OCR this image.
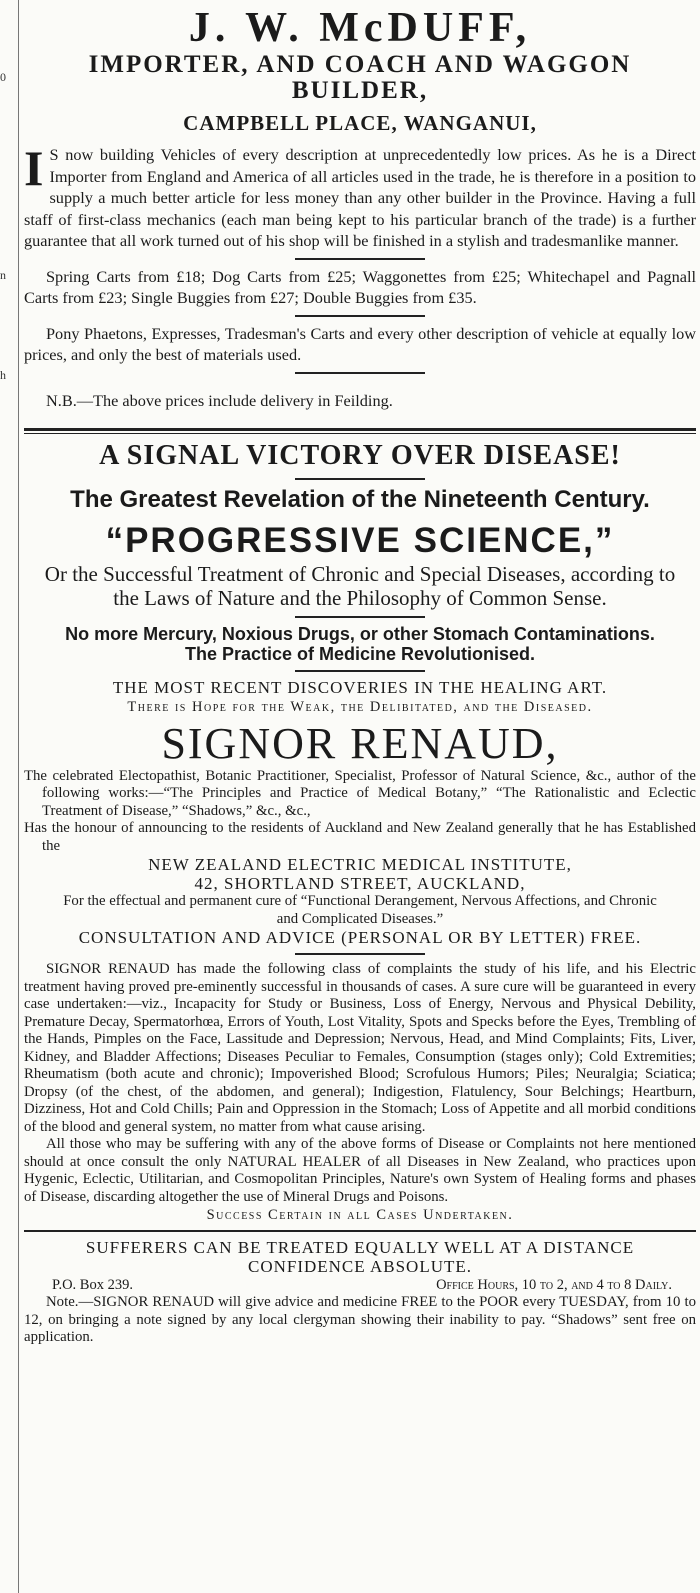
0
n
h

J. W. McDUFF,

IMPORTER, AND COACH AND WAGGON BUILDER,

CAMPBELL PLACE, WANGANUI,

I S now building Vehicles of every description at unprecedentedly low prices. As he is a Direct Importer from England and America of all articles used in the trade, he is therefore in a position to supply a much better article for less money than any other builder in the Province. Having a full staff of first-class mechanics (each man being kept to his particular branch of the trade) is a further guarantee that all work turned out of his shop will be finished in a stylish and tradesmanlike manner.

Spring Carts from £18; Dog Carts from £25; Waggonettes from £25; Whitechapel and Pagnall Carts from £23; Single Buggies from £27; Double Buggies from £35.

Pony Phaetons, Expresses, Tradesman's Carts and every other description of vehicle at equally low prices, and only the best of materials used.

N.B.—The above prices include delivery in Feilding.

A SIGNAL VICTORY OVER DISEASE!

The Greatest Revelation of the Nineteenth Century.

“PROGRESSIVE SCIENCE,”

Or the Successful Treatment of Chronic and Special Diseases, according to the Laws of Nature and the Philosophy of Common Sense.

No more Mercury, Noxious Drugs, or other Stomach Contaminations.

The Practice of Medicine Revolutionised.

THE MOST RECENT DISCOVERIES IN THE HEALING ART.

There is Hope for the Weak, the Delibitated, and the Diseased.

SIGNOR RENAUD,

The celebrated Electopathist, Botanic Practitioner, Specialist, Professor of Natural Science, &c., author of the following works:—“The Principles and Practice of Medical Botany,” “The Rationalistic and Eclectic Treatment of Disease,” “Shadows,” &c., &c.,

Has the honour of announcing to the residents of Auckland and New Zealand generally that he has Established the

NEW ZEALAND ELECTRIC MEDICAL INSTITUTE,

42, SHORTLAND STREET, AUCKLAND,

For the effectual and permanent cure of “Functional Derangement, Nervous Affections, and Chronic and Complicated Diseases.”

CONSULTATION AND ADVICE (PERSONAL OR BY LETTER) FREE.

SIGNOR RENAUD has made the following class of complaints the study of his life, and his Electric treatment having proved pre-eminently successful in thousands of cases. A sure cure will be guaranteed in every case undertaken:—viz., Incapacity for Study or Business, Loss of Energy, Nervous and Physical Debility, Premature Decay, Spermatorhœa, Errors of Youth, Lost Vitality, Spots and Specks before the Eyes, Trembling of the Hands, Pimples on the Face, Lassitude and Depression; Nervous, Head, and Mind Complaints; Fits, Liver, Kidney, and Bladder Affections; Diseases Peculiar to Females, Consumption (stages only); Cold Extremities; Rheumatism (both acute and chronic); Impoverished Blood; Scrofulous Humors; Piles; Neuralgia; Sciatica; Dropsy (of the chest, of the abdomen, and general); Indigestion, Flatulency, Sour Belchings; Heartburn, Dizziness, Hot and Cold Chills; Pain and Oppression in the Stomach; Loss of Appetite and all morbid conditions of the blood and general system, no matter from what cause arising.

All those who may be suffering with any of the above forms of Disease or Complaints not here mentioned should at once consult the only NATURAL HEALER of all Diseases in New Zealand, who practices upon Hygenic, Eclectic, Utilitarian, and Cosmopolitan Principles, Nature's own System of Healing forms and phases of Disease, discarding altogether the use of Mineral Drugs and Poisons.

Success Certain in all Cases Undertaken.

SUFFERERS CAN BE TREATED EQUALLY WELL AT A DISTANCE

CONFIDENCE ABSOLUTE.

P.O. Box 239.	Office Hours, 10 to 2, and 4 to 8 Daily.

Note.—SIGNOR RENAUD will give advice and medicine FREE to the POOR every TUESDAY, from 10 to 12, on bringing a note signed by any local clergyman showing their inability to pay. “Shadows” sent free on application.
